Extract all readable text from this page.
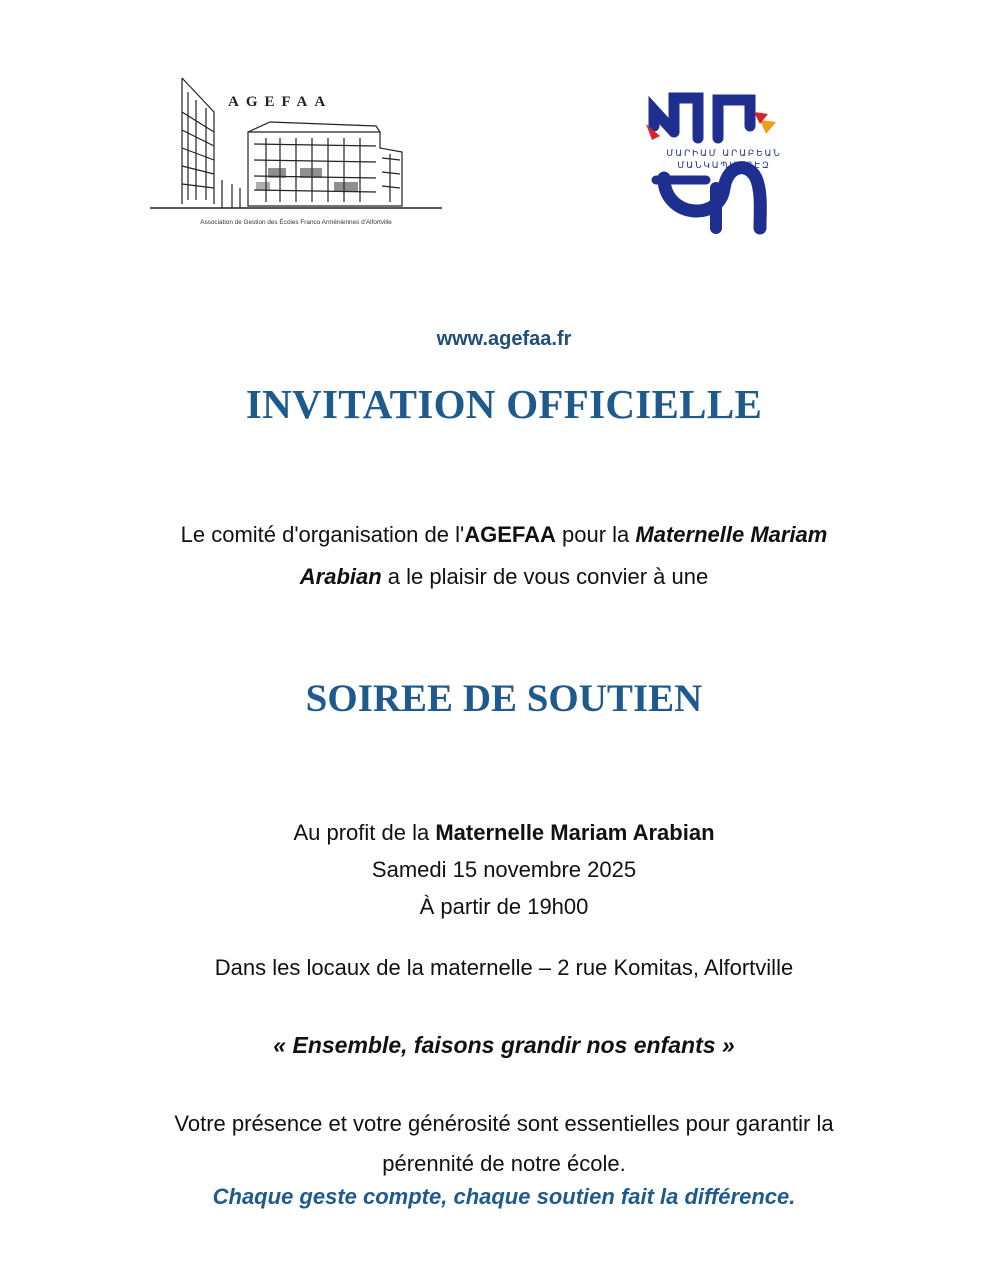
AGEFAA
Association de Gestion des Écoles Franco Arméniennes d'Alfortville
ՄԱՐԻԱՄ ԱՐԱԲԵԱՆ
ՄԱՆԿԱՊԱՐՏԷԶ
www.agefaa.fr
INVITATION OFFICIELLE
Le comité d'organisation de l'AGEFAA pour la Maternelle Mariam
Arabian a le plaisir de vous convier à une
SOIREE DE SOUTIEN
Au profit de la Maternelle Mariam Arabian
Samedi 15 novembre 2025
À partir de 19h00
Dans les locaux de la maternelle – 2 rue Komitas, Alfortville
« Ensemble, faisons grandir nos enfants »
Votre présence et votre générosité sont essentielles pour garantir la
pérennité de notre école.
Chaque geste compte, chaque soutien fait la différence.
